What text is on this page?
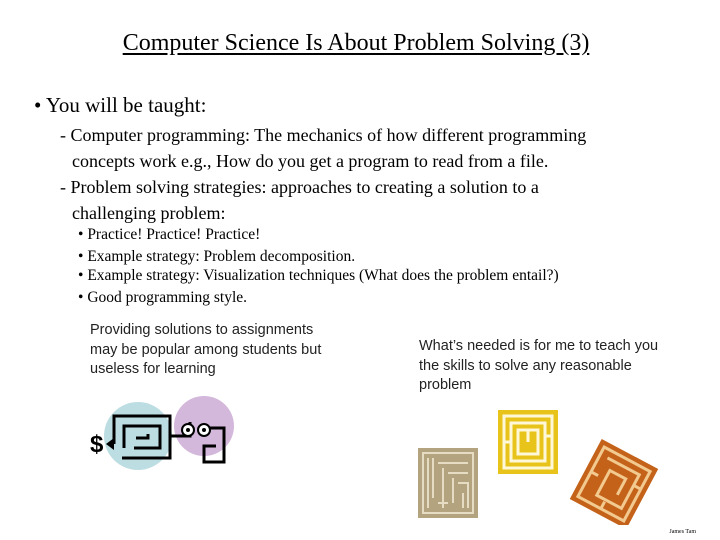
Computer Science Is About Problem Solving (3)
• You will be taught:
- Computer programming: The mechanics of how different programming
concepts work e.g., How do you get a program to read from a file.
- Problem solving strategies: approaches to creating a solution to a
challenging problem:
• Practice! Practice! Practice!
• Example strategy: Problem decomposition.
• Example strategy: Visualization techniques (What does the problem entail?)
• Good programming style.
Providing solutions to assignments may be popular among students but useless for learning
What’s needed is for me to teach you the skills to solve any reasonable problem
$
James Tam
